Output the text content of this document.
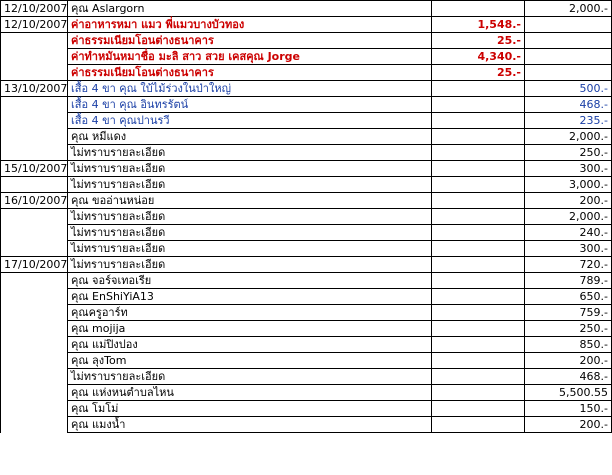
12/10/2007	คุณ Aslargorn		2,000.-
12/10/2007	ค่าอาหารหมา แมว พี่แมวบางบัวทอง	1,548.-	
	ค่าธรรมเนียมโอนต่างธนาคาร	25.-	
	ค่าทำหมันหมาชื่อ มะลิ สาว สวย เคสคุณ Jorge	4,340.-	
	ค่าธรรมเนียมโอนต่างธนาคาร	25.-	
13/10/2007	เสื้อ 4 ขา คุณ ใบ้ไม้ร่วงในป่าใหญ่		500.-
	เสื้อ 4 ขา คุณ อินทรรัตน์		468.-
	เสื้อ 4 ขา คุณปานรวี		235.-
	คุณ หมีแดง		2,000.-
	ไม่ทราบรายละเอียด		250.-
15/10/2007	ไม่ทราบรายละเอียด		300.-
	ไม่ทราบรายละเอียด		3,000.-
16/10/2007	คุณ ขออ่านหน่อย		200.-
	ไม่ทราบรายละเอียด		2,000.-
	ไม่ทราบรายละเอียด		240.-
	ไม่ทราบรายละเอียด		300.-
17/10/2007	ไม่ทราบรายละเอียด		720.-
	คุณ จอร์จเทอเรีย		789.-
	คุณ EnShiYiA13		650.-
	คุณครูอาร์ท		759.-
	คุณ mojija		250.-
	คุณ แม่ปิงปอง		850.-
	คุณ ลุงTom		200.-
	ไม่ทราบรายละเอียด		468.-
	คุณ แห่งหนตำบลไหน		5,500.55
	คุณ โมโม่		150.-
	คุณ แมงน้ำ		200.-
